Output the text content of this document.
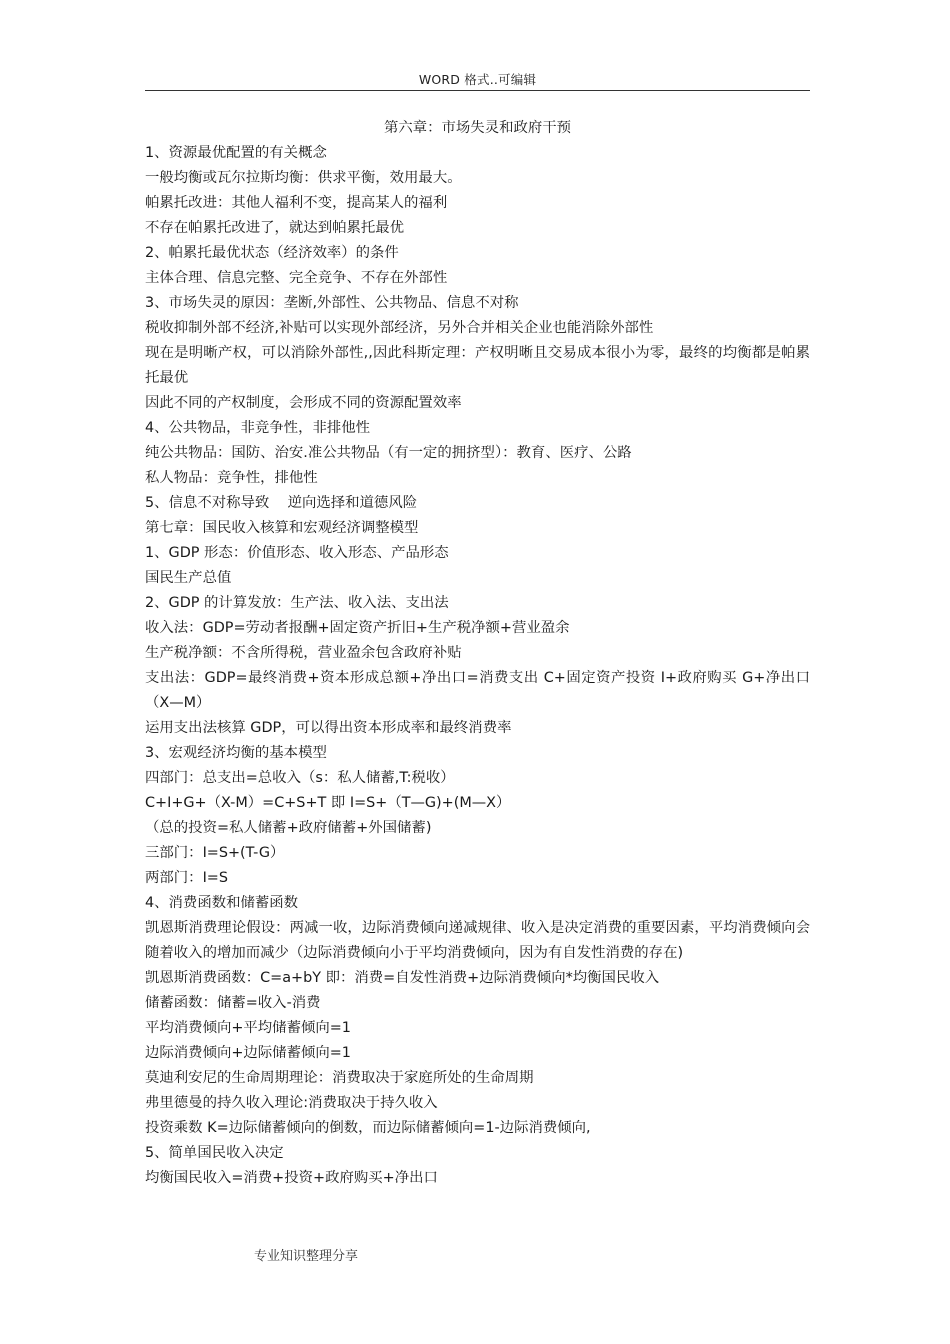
WORD 格式..可编辑
第六章：市场失灵和政府干预
1、资源最优配置的有关概念
一般均衡或瓦尔拉斯均衡：供求平衡，效用最大。
帕累托改进：其他人福利不变，提高某人的福利
不存在帕累托改进了，就达到帕累托最优
2、帕累托最优状态（经济效率）的条件
主体合理、信息完整、完全竞争、不存在外部性
3、市场失灵的原因：垄断,外部性、公共物品、信息不对称
税收抑制外部不经济,补贴可以实现外部经济，另外合并相关企业也能消除外部性
现在是明晰产权，可以消除外部性,,因此科斯定理：产权明晰且交易成本很小为零，最终的均衡都是帕累托最优
因此不同的产权制度，会形成不同的资源配置效率
4、公共物品，非竞争性，非排他性
纯公共物品：国防、治安.准公共物品（有一定的拥挤型）：教育、医疗、公路
私人物品：竞争性，排他性
5、信息不对称导致    逆向选择和道德风险
第七章：国民收入核算和宏观经济调整模型
1、GDP 形态：价值形态、收入形态、产品形态
国民生产总值
2、GDP 的计算发放：生产法、收入法、支出法
收入法：GDP=劳动者报酬+固定资产折旧+生产税净额+营业盈余
生产税净额：不含所得税，营业盈余包含政府补贴
支出法：GDP=最终消费+资本形成总额+净出口=消费支出 C+固定资产投资 I+政府购买 G+净出口（X—M）
运用支出法核算 GDP，可以得出资本形成率和最终消费率
3、宏观经济均衡的基本模型
四部门：总支出=总收入（s：私人储蓄,T:税收）
C+I+G+（X-M）=C+S+T 即 I=S+（T—G)+(M—X）
（总的投资=私人储蓄+政府储蓄+外国储蓄)
三部门：I=S+(T-G）
两部门：I=S
4、消费函数和储蓄函数
凯恩斯消费理论假设：两减一收，边际消费倾向递减规律、收入是决定消费的重要因素，平均消费倾向会随着收入的增加而减少（边际消费倾向小于平均消费倾向，因为有自发性消费的存在)
凯恩斯消费函数：C=a+bY 即：消费=自发性消费+边际消费倾向*均衡国民收入
储蓄函数：储蓄=收入-消费
平均消费倾向+平均储蓄倾向=1
边际消费倾向+边际储蓄倾向=1
莫迪利安尼的生命周期理论：消费取决于家庭所处的生命周期
弗里德曼的持久收入理论:消费取决于持久收入
投资乘数 K=边际储蓄倾向的倒数，而边际储蓄倾向=1-边际消费倾向,
5、简单国民收入决定
均衡国民收入=消费+投资+政府购买+净出口
专业知识整理分享
